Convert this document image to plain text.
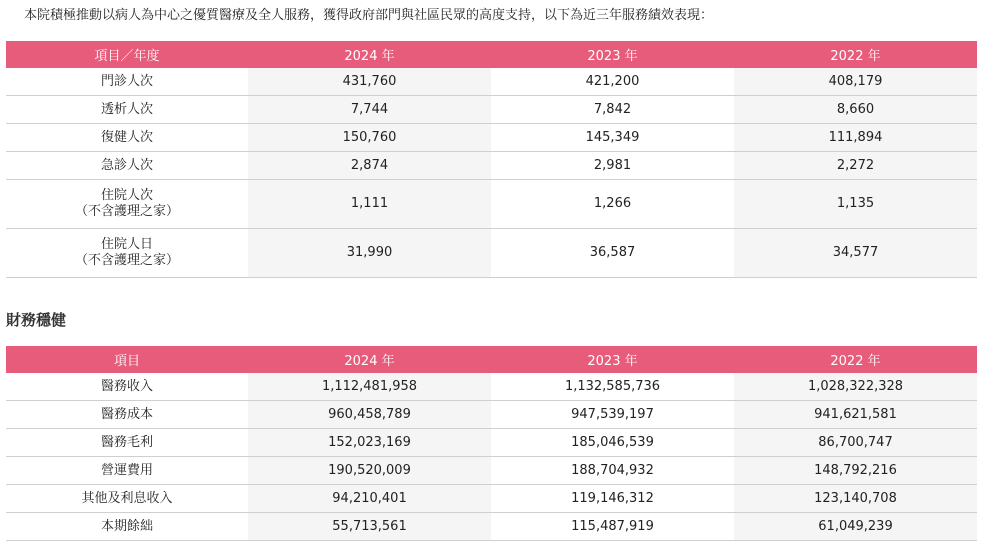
本院積極推動以病人為中心之優質醫療及全人服務，獲得政府部門與社區民眾的高度支持，以下為近三年服務績效表現：
項目／年度	2024 年	2023 年	2022 年

門診人次	431,760	421,200	408,179

透析人次	7,744	7,842	8,660

復健人次	150,760	145,349	111,894

急診人次	2,874	2,981	2,272

住院人次
（不含護理之家）	1,111	1,266	1,135

住院人日
（不含護理之家）	31,990	36,587	34,577
財務穩健
項目	2024 年	2023 年	2022 年

醫務收入	1,112,481,958	1,132,585,736	1,028,322,328

醫務成本	960,458,789	947,539,197	941,621,581

醫務毛利	152,023,169	185,046,539	86,700,747

營運費用	190,520,009	188,704,932	148,792,216

其他及利息收入	94,210,401	119,146,312	123,140,708

本期餘絀	55,713,561	115,487,919	61,049,239
